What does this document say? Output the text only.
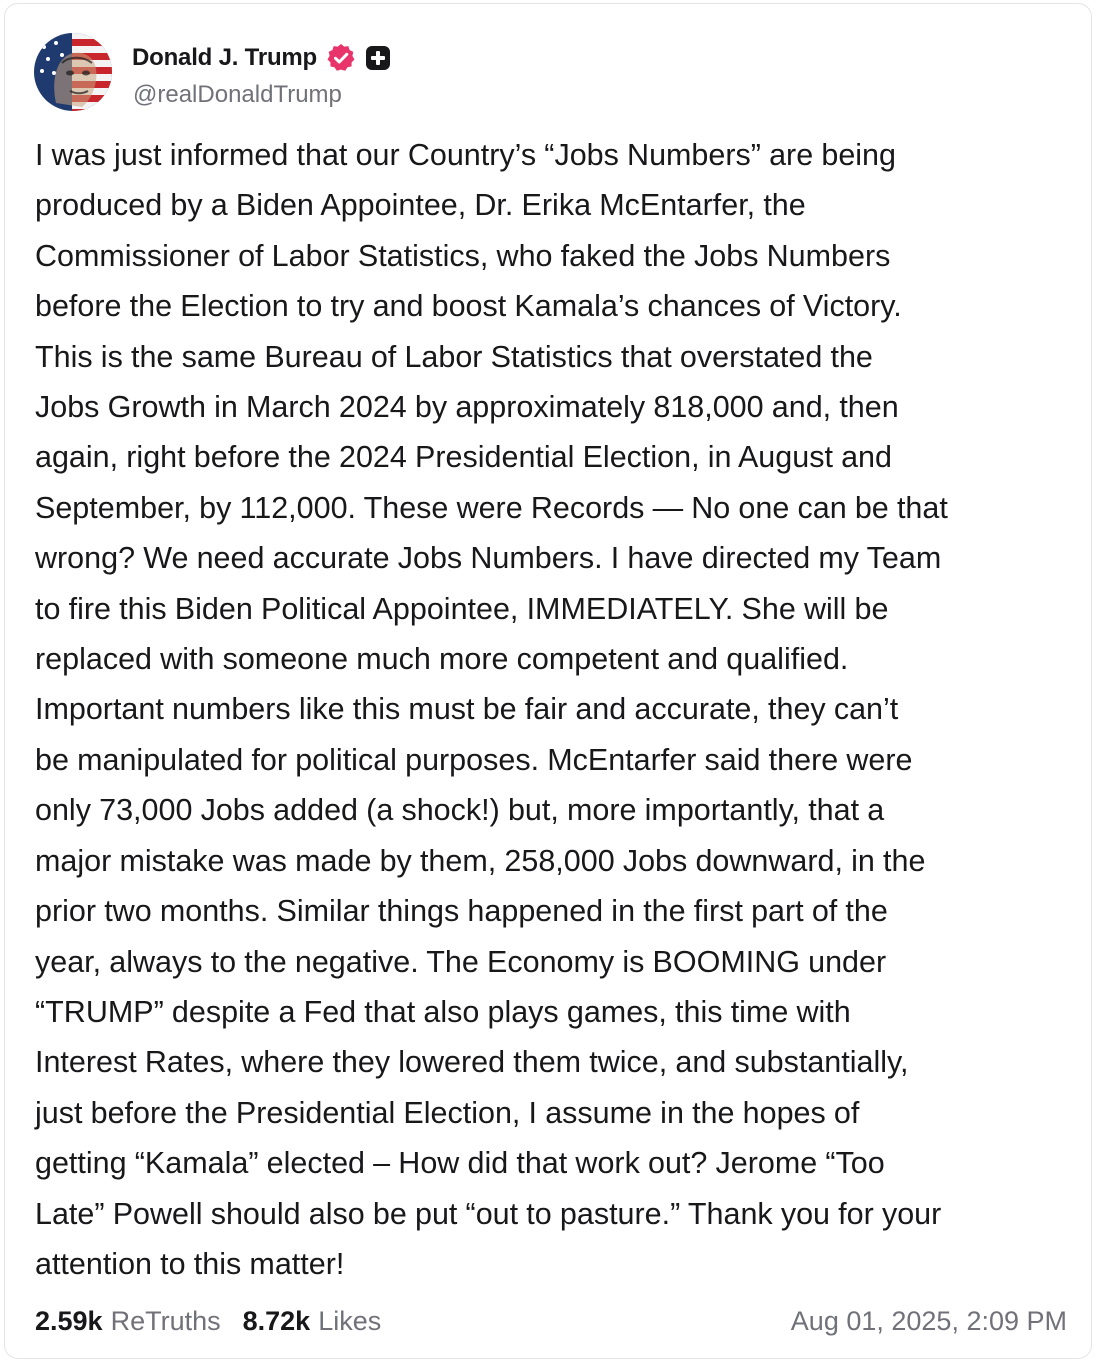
Donald J. Trump
@realDonaldTrump
I was just informed that our Country’s “Jobs Numbers” are being
produced by a Biden Appointee, Dr. Erika McEntarfer, the
Commissioner of Labor Statistics, who faked the Jobs Numbers
before the Election to try and boost Kamala’s chances of Victory.
This is the same Bureau of Labor Statistics that overstated the
Jobs Growth in March 2024 by approximately 818,000 and, then
again, right before the 2024 Presidential Election, in August and
September, by 112,000. These were Records — No one can be that
wrong? We need accurate Jobs Numbers. I have directed my Team
to fire this Biden Political Appointee, IMMEDIATELY. She will be
replaced with someone much more competent and qualified.
Important numbers like this must be fair and accurate, they can’t
be manipulated for political purposes. McEntarfer said there were
only 73,000 Jobs added (a shock!) but, more importantly, that a
major mistake was made by them, 258,000 Jobs downward, in the
prior two months. Similar things happened in the first part of the
year, always to the negative. The Economy is BOOMING under
“TRUMP” despite a Fed that also plays games, this time with
Interest Rates, where they lowered them twice, and substantially,
just before the Presidential Election, I assume in the hopes of
getting “Kamala” elected – How did that work out? Jerome “Too
Late” Powell should also be put “out to pasture.” Thank you for your
attention to this matter!
2.59k ReTruths 8.72k Likes	Aug 01, 2025, 2:09 PM
